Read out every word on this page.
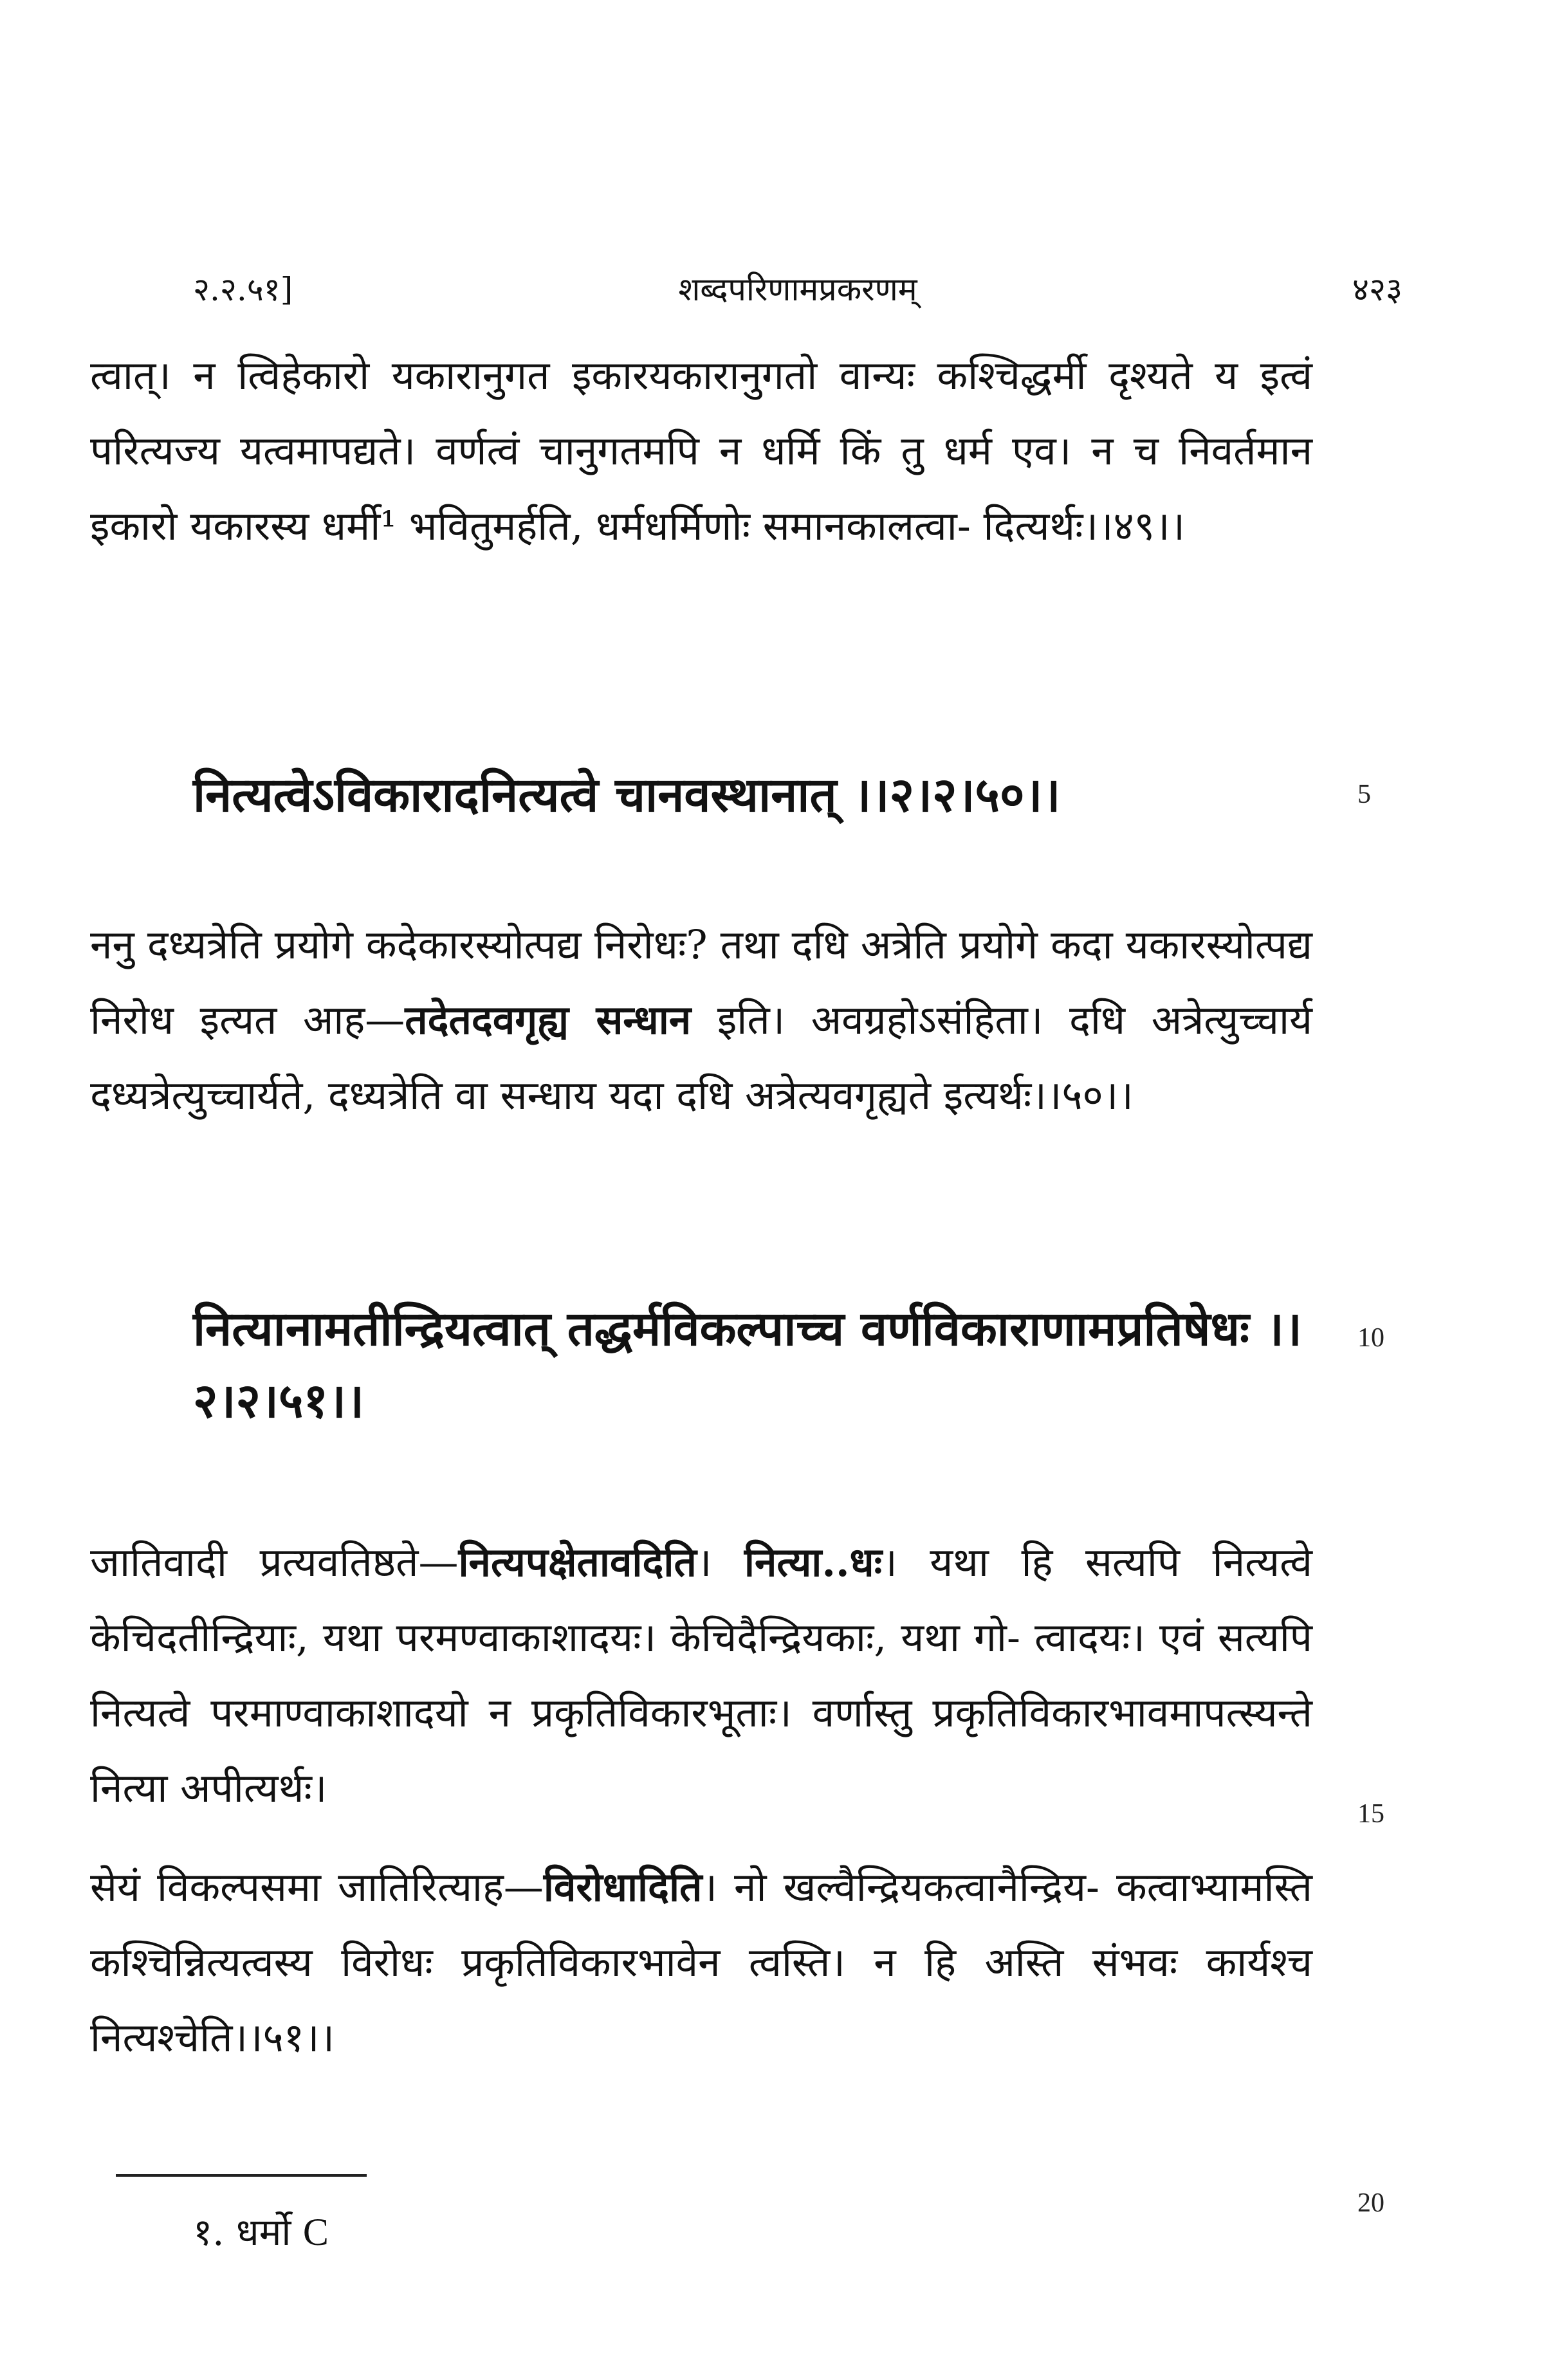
२.२.५१]	शब्दपरिणामप्रकरणम्	४२३

त्वात्। न त्विहेकारो यकारानुगत इकारयकारानुगतो वान्यः कश्चिद्धर्मी दृश्यते य इत्वं परित्यज्य यत्वमापद्यते। वर्णत्वं चानुगतमपि न धर्मि किं तु धर्म एव। न च निवर्तमान इकारो यकारस्य धर्मी¹ भवितुमर्हति, धर्मधर्मिणोः समानकालत्वा- दित्यर्थः।।४९।।

नित्यत्वेऽविकारादनित्यत्वे चानवस्थानात् ।।२।२।५०।।	5

ननु दध्यत्रेति प्रयोगे कदेकारस्योत्पद्य निरोधः? तथा दधि अत्रेति प्रयोगे कदा यकारस्योत्पद्य निरोध इत्यत आह—तदेतदवगृह्य सन्धान इति। अवग्रहोऽसंहिता। दधि अत्रेत्युच्चार्य दध्यत्रेत्युच्चार्यते, दध्यत्रेति वा सन्धाय यदा दधि अत्रेत्यवगृह्यते इत्यर्थः।।५०।।

नित्यानामतीन्द्रियत्वात् तद्धर्मविकल्पाच्च वर्णविकाराणामप्रतिषेधः ।।२।२।५१।।
10

जातिवादी प्रत्यवतिष्ठते—नित्यपक्षेतावदिति। नित्या..धः। यथा हि सत्यपि नित्यत्वे केचिदतीन्द्रियाः, यथा परमण्वाकाशादयः। केचिदैन्द्रियकाः, यथा गो- त्वादयः। एवं सत्यपि नित्यत्वे परमाण्वाकाशादयो न प्रकृतिविकारभूताः। वर्णास्तु प्रकृतिविकारभावमापत्स्यन्ते नित्या अपीत्यर्थः।

15

सेयं विकल्पसमा जातिरित्याह—विरोधादिति। नो खल्वैन्द्रियकत्वानैन्द्रिय- कत्वाभ्यामस्ति कश्चिन्नित्यत्वस्य विरोधः प्रकृतिविकारभावेन त्वस्ति। न हि अस्ति संभवः कार्यश्च नित्यश्चेति।।५१।।

१. धर्मो C
20
